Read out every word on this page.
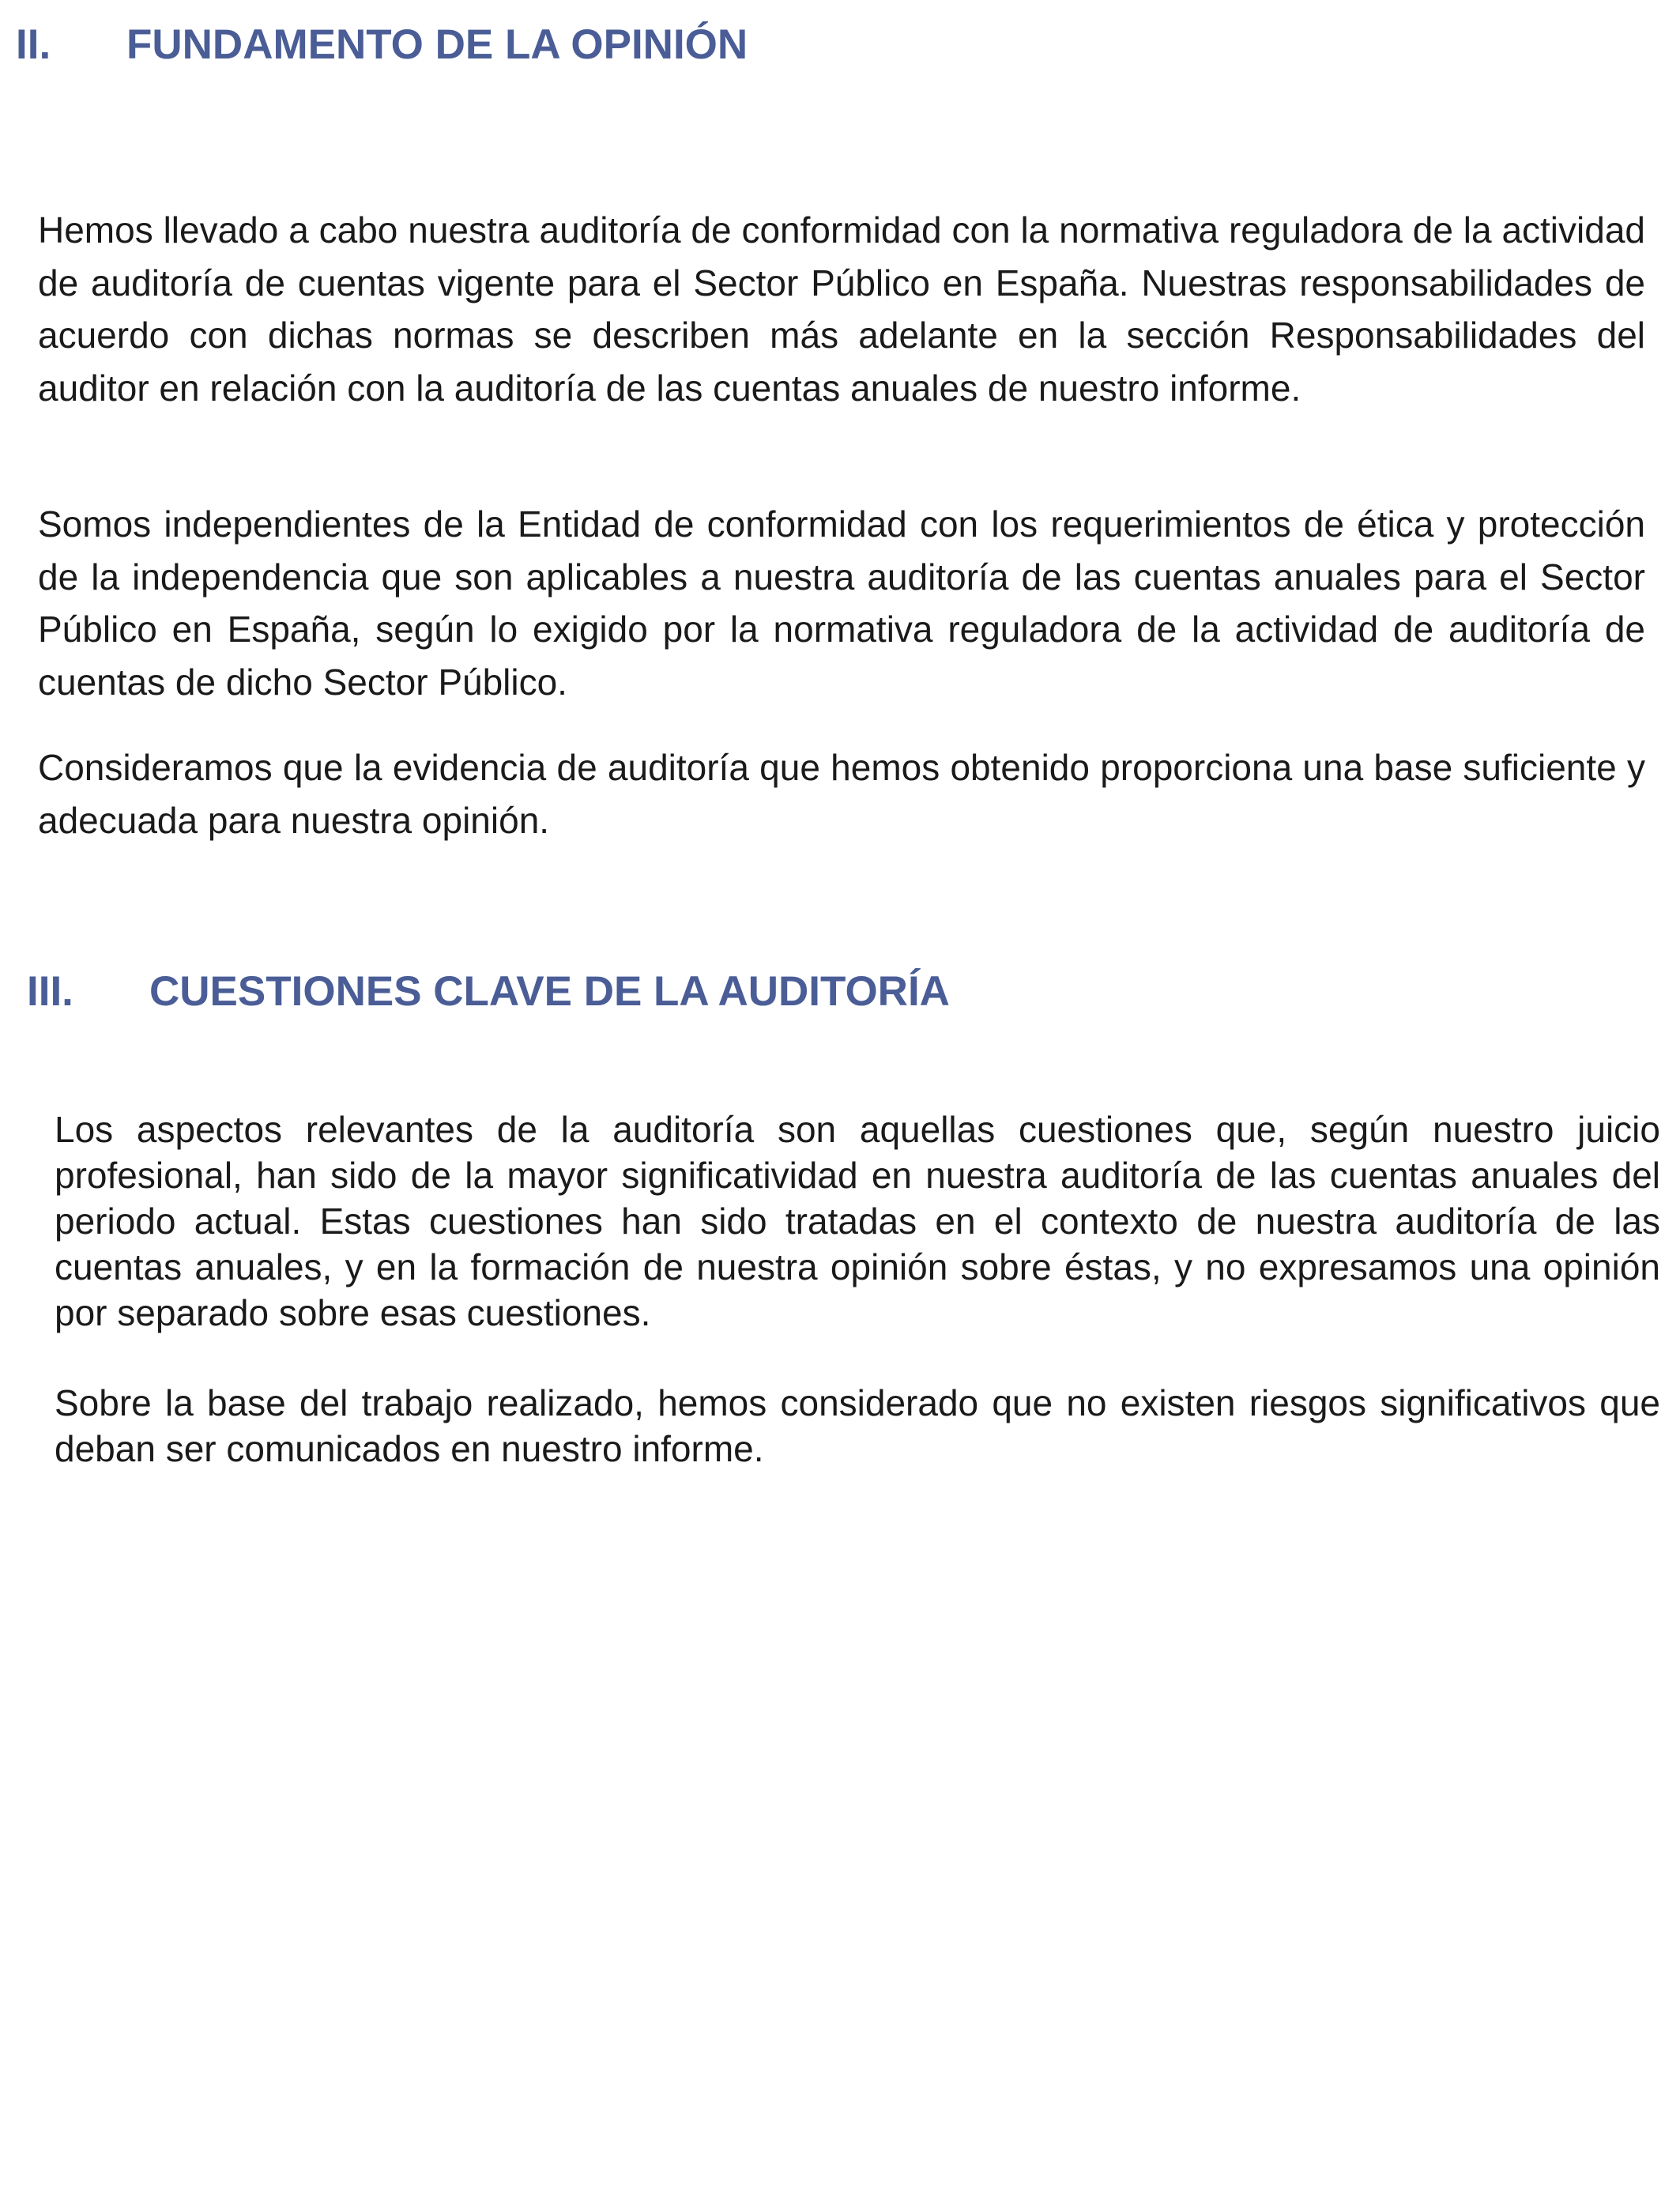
II. FUNDAMENTO DE LA OPINIÓN

Hemos llevado a cabo nuestra auditoría de conformidad con la normativa reguladora de la actividad de auditoría de cuentas vigente para el Sector Público en España. Nuestras responsabilidades de acuerdo con dichas normas se describen más adelante en la sección Responsabilidades del auditor en relación con la auditoría de las cuentas anuales de nuestro informe.

Somos independientes de la Entidad de conformidad con los requerimientos de ética y protección de la independencia que son aplicables a nuestra auditoría de las cuentas anuales para el Sector Público en España, según lo exigido por la normativa reguladora de la actividad de auditoría de cuentas de dicho Sector Público.

Consideramos que la evidencia de auditoría que hemos obtenido proporciona una base suficiente y adecuada para nuestra opinión.

III. CUESTIONES CLAVE DE LA AUDITORÍA

Los aspectos relevantes de la auditoría son aquellas cuestiones que, según nuestro juicio profesional, han sido de la mayor significatividad en nuestra auditoría de las cuentas anuales del periodo actual. Estas cuestiones han sido tratadas en el contexto de nuestra auditoría de las cuentas anuales, y en la formación de nuestra opinión sobre éstas, y no expresamos una opinión por separado sobre esas cuestiones.

Sobre la base del trabajo realizado, hemos considerado que no existen riesgos significativos que deban ser comunicados en nuestro informe.
